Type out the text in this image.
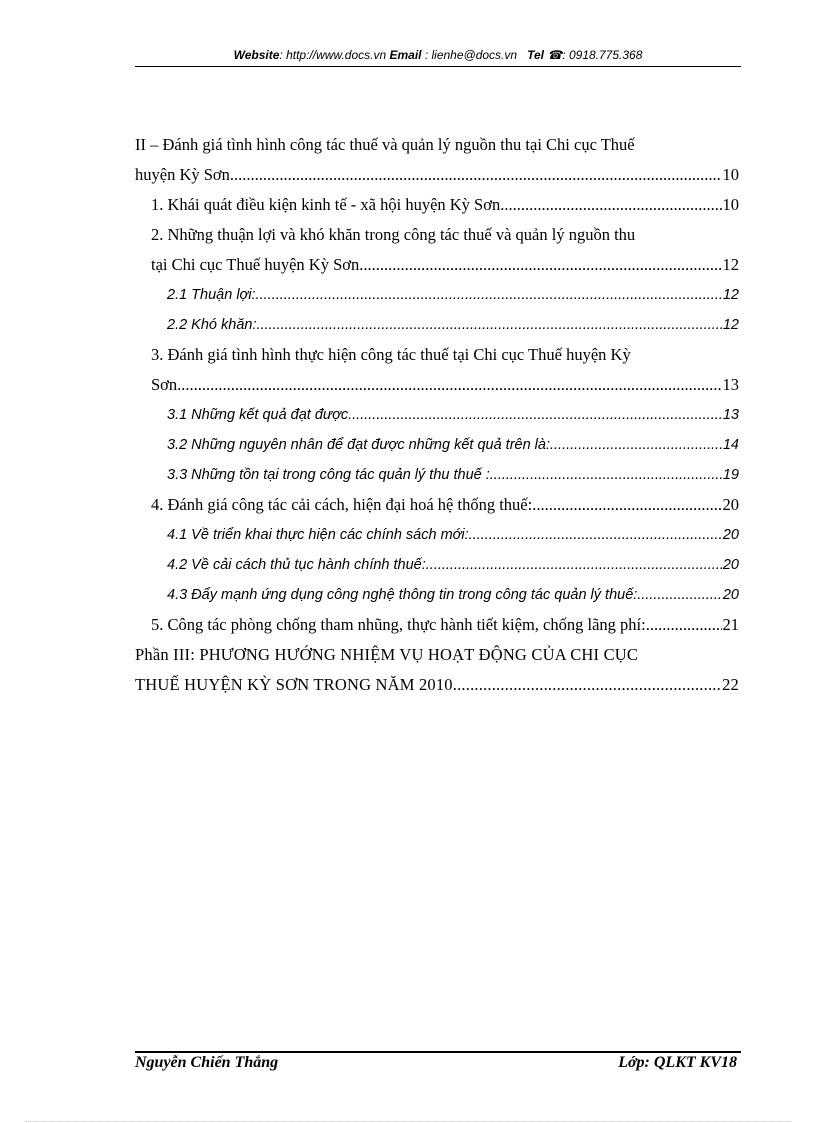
Website: http://www.docs.vn Email : lienhe@docs.vn Tel ☎: 0918.775.368
II – Đánh giá tình hình công tác thuế và quản lý nguồn thu tại Chi cục Thuế
huyện Kỳ Sơn .....	10
1. Khái quát điều kiện kinh tế - xã hội huyện Kỳ Sơn .....	10
2. Những thuận lợi và khó khăn trong công tác thuế và quản lý nguồn thu
tại Chi cục Thuế huyện Kỳ Sơn .....	12
2.1 Thuận lợi: .....	12
2.2 Khó khăn: .....	12
3. Đánh giá tình hình thực hiện công tác thuế tại Chi cục Thuế huyện Kỳ
Sơn .....	13
3.1 Những kết quả đạt được .....	13
3.2 Những nguyên nhân để đạt được những kết quả trên là: .....	14
3.3 Những tồn tại trong công tác quản lý thu thuế : .....	19
4. Đánh giá công tác cải cách, hiện đại hoá hệ thống thuế: .....	20
4.1 Về triển khai thực hiện các chính sách mới: .....	20
4.2 Về cải cách thủ tục hành chính thuế: .....	20
4.3 Đẩy mạnh ứng dụng công nghệ thông tin trong công tác quản lý thuế: .....	20
5. Công tác phòng chống tham nhũng, thực hành tiết kiệm, chống lãng phí: .....	21
Phần III: PHƯƠNG HƯỚNG NHIỆM VỤ HOẠT ĐỘNG CỦA CHI CỤC
THUẾ HUYỆN KỲ SƠN TRONG NĂM 2010 .....	22
Nguyễn Chiến Thắng	Lớp: QLKT KV18
